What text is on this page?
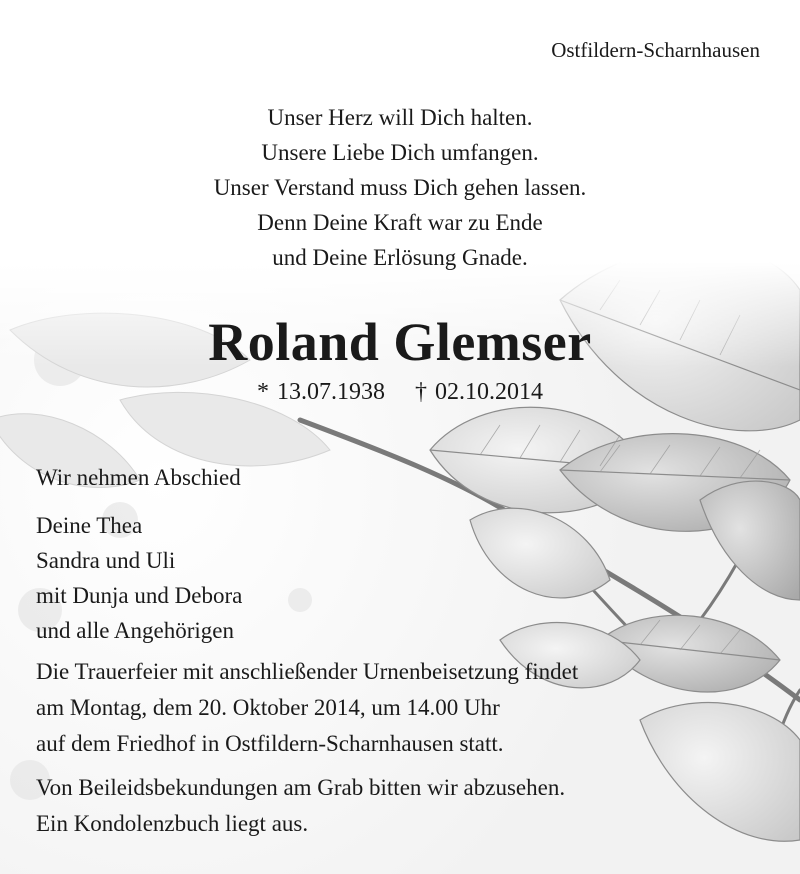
Ostfildern-Scharnhausen
Unser Herz will Dich halten.
Unsere Liebe Dich umfangen.
Unser Verstand muss Dich gehen lassen.
Denn Deine Kraft war zu Ende
und Deine Erlösung Gnade.
Roland Glemser
* 13.07.1938 † 02.10.2014
Wir nehmen Abschied
Deine Thea
Sandra und Uli
mit Dunja und Debora
und alle Angehörigen
Die Trauerfeier mit anschließender Urnenbeisetzung findet
am Montag, dem 20. Oktober 2014, um 14.00 Uhr
auf dem Friedhof in Ostfildern-Scharnhausen statt.
Von Beileidsbekundungen am Grab bitten wir abzusehen.
Ein Kondolenzbuch liegt aus.
